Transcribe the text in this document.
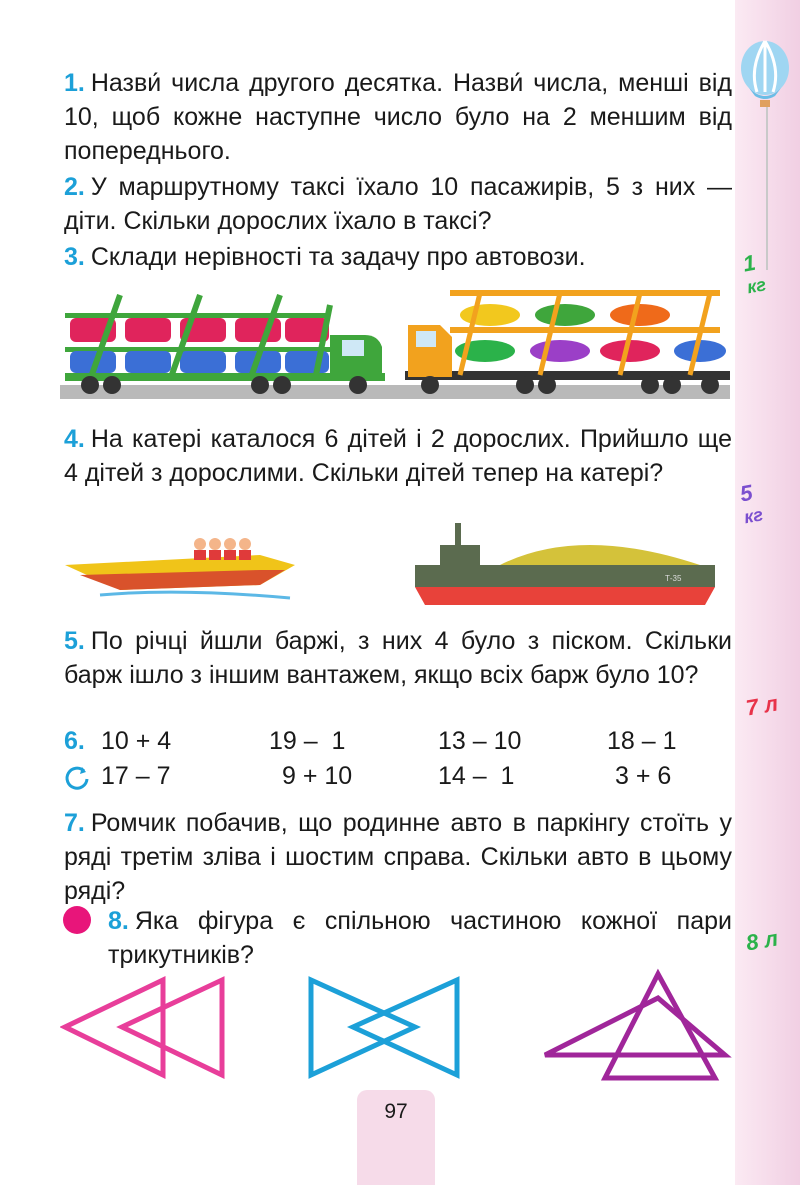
1
кг
5
кг
7 л
8 л
1. Назви́ числа другого десятка. Назви́ числа, менші від 10, щоб кожне наступне число було на 2 меншим від попереднього.
2. У маршрутному таксі їхало 10 пасажирів, 5 з них — діти. Скільки дорослих їхало в таксі?
3. Склади нерівності та задачу про автовози.
4. На катері каталося 6 дітей і 2 дорослих. Прийшло ще 4 дітей з дорослими. Скільки дітей тепер на катері?
Т-35
5. По річці йшли баржі, з них 4 було з піском. Скільки барж ішло з іншим вантажем, якщо всіх барж було 10?
6. 10 + 4	19 –  1	13 – 10	18 – 1
17 – 7	9 + 10	14 –  1	3 + 6
7. Ромчик побачив, що родинне авто в паркінгу стоїть у ряді третім зліва і шостим справа. Скільки авто в цьому ряді?
8. Яка фігура є спільною частиною кожної пари трикутників?
97
